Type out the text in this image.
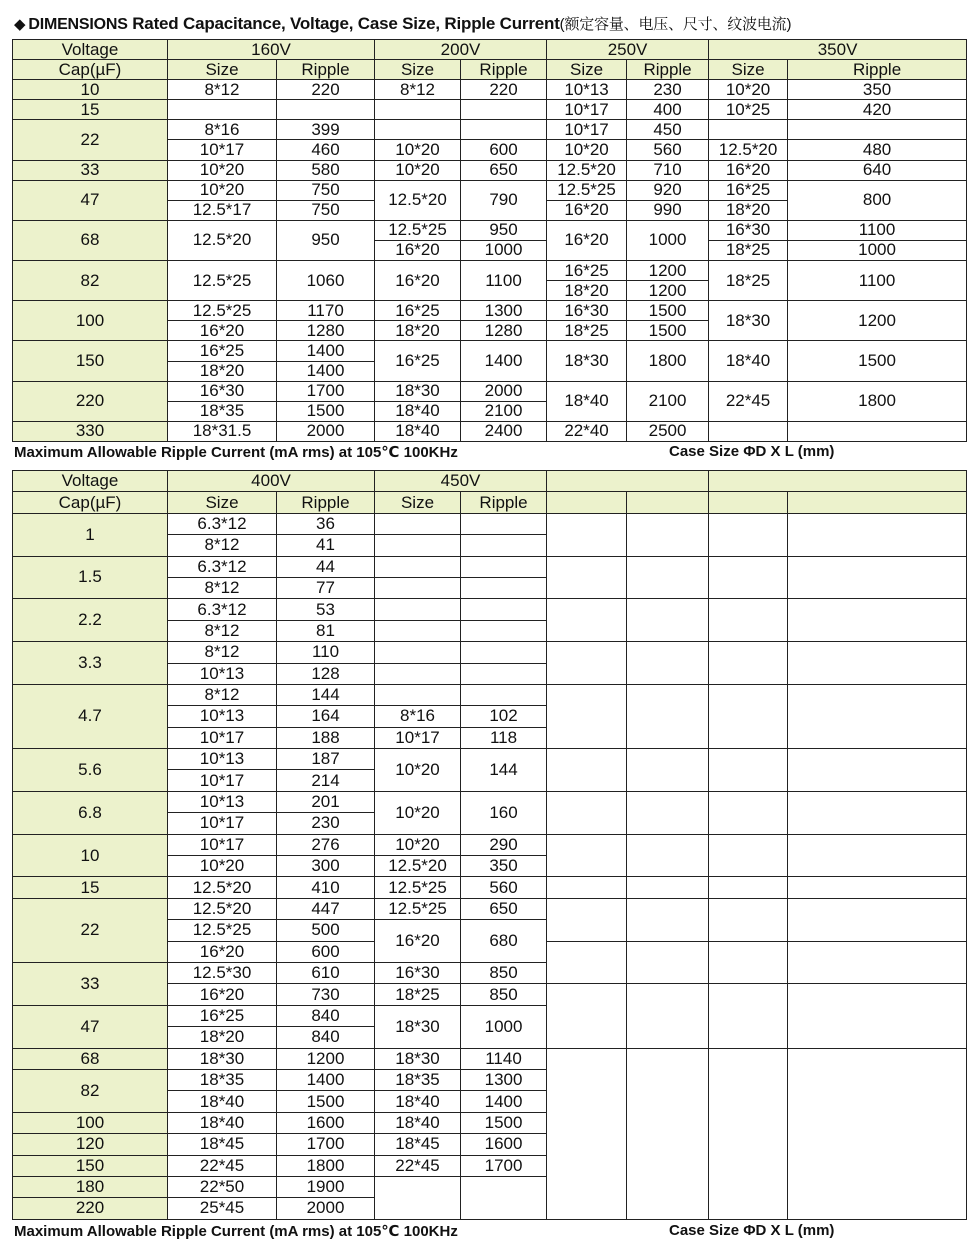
◆ DIMENSIONS Rated Capacitance, Voltage, Case Size, Ripple Current(额定容量、电压、尺寸、纹波电流)
Voltage	160V		200V		250V		350V	
Cap(µF)	Size	Ripple	Size	Ripple	Size	Ripple	Size	Ripple
10	8*12	220	8*12	220	10*13	230	10*20	350
15					10*17	400	10*25	420
22	8*16	399			10*17	450		
	10*17	460	10*20	600	10*20	560	12.5*20	480
33	10*20	580	10*20	650	12.5*20	710	16*20	640
47	10*20	750	12.5*20	790	12.5*25	920	16*25	800
	12.5*17	750			16*20	990	18*20	
68	12.5*20	950	12.5*25	950	16*20	1000	16*30	1100
			16*20	1000			18*25	1000
82	12.5*25	1060	16*20	1100	16*25	1200	18*25	1100
					18*20	1200		
100	12.5*25	1170	16*25	1300	16*30	1500	18*30	1200
	16*20	1280	18*20	1280	18*25	1500		
150	16*25	1400	16*25	1400	18*30	1800	18*40	1500
	18*20	1400						
220	16*30	1700	18*30	2000	18*40	2100	22*45	1800
	18*35	1500	18*40	2100				
330	18*31.5	2000	18*40	2400	22*40	2500		
Maximum Allowable Ripple Current (mA rms) at 105℃ 100KHz	Case Size ΦD X L (mm)
Voltage	400V		450V					
Cap(µF)	Size	Ripple	Size	Ripple				
1	6.3*12	36						
	8*12	41						
1.5	6.3*12	44						
	8*12	77						
2.2	6.3*12	53						
	8*12	81						
3.3	8*12	110						
	10*13	128						
4.7	8*12	144						
	10*13	164	8*16	102				
	10*17	188	10*17	118				
5.6	10*13	187	10*20	144				
	10*17	214						
6.8	10*13	201	10*20	160				
	10*17	230						
10	10*17	276	10*20	290				
	10*20	300	12.5*20	350				
15	12.5*20	410	12.5*25	560				
22	12.5*20	447	12.5*25	650				
	12.5*25	500	16*20	680				
	16*20	600						
33	12.5*30	610	16*30	850				
	16*20	730	18*25	850				
47	16*25	840	18*30	1000				
	18*20	840						
68	18*30	1200	18*30	1140				
82	18*35	1400	18*35	1300				
	18*40	1500	18*40	1400				
100	18*40	1600	18*40	1500				
120	18*45	1700	18*45	1600				
150	22*45	1800	22*45	1700				
180	22*50	1900						
220	25*45	2000						
Maximum Allowable Ripple Current (mA rms) at 105℃ 100KHz	Case Size ΦD X L (mm)
